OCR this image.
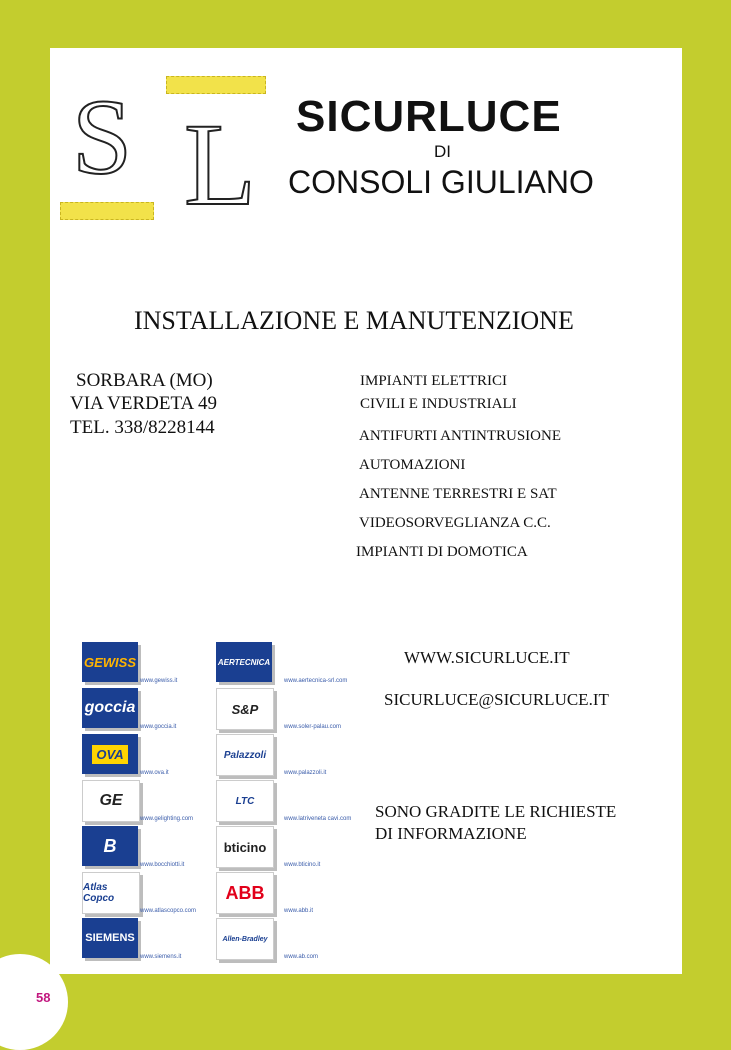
S L SICURLUCE
DI
CONSOLI GIULIANO
INSTALLAZIONE E MANUTENZIONE
SORBARA (MO)
VIA VERDETA 49
TEL. 338/8228144
IMPIANTI ELETTRICI
CIVILI E INDUSTRIALI
ANTIFURTI ANTINTRUSIONE
AUTOMAZIONI
ANTENNE TERRESTRI E SAT
VIDEOSORVEGLIANZA C.C.
IMPIANTI DI DOMOTICA
WWW.SICURLUCE.IT
SICURLUCE@SICURLUCE.IT
SONO GRADITE LE RICHIESTE
DI INFORMAZIONE
GEWISS
www.gewiss.it
goccia
www.goccia.it
OVA
www.ova.it
GE
www.gelighting.com
B
www.bocchiotti.it
Atlas Copco
www.atlascopco.com
SIEMENS
www.siemens.it
AERTECNICA
www.aertecnica-srl.com
S&P
www.soler-palau.com
Palazzoli
www.palazzoli.it
LTC
www.latriveneta cavi.com
bticino
www.bticino.it
ABB
www.abb.it
Allen-Bradley
www.ab.com
58
